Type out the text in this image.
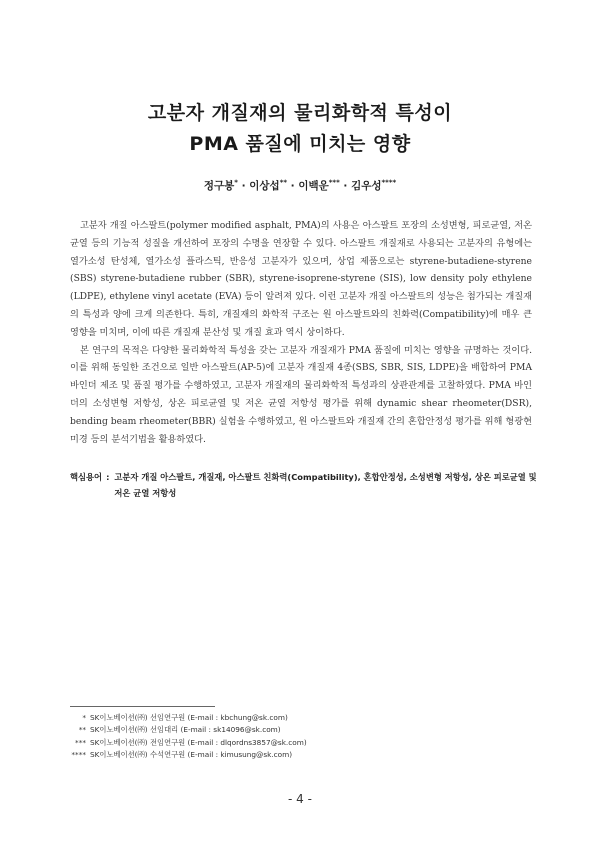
고분자 개질재의 물리화학적 특성이
PMA 품질에 미치는 영향
정구봉* · 이상섭** · 이백운*** · 김우성****

고분자 개질 아스팔트(polymer modified asphalt, PMA)의 사용은 아스팔트 포장의 소성변형, 피로균열, 저온균열 등의 기능적 성질을 개선하여 포장의 수명을 연장할 수 있다. 아스팔트 개질재로 사용되는 고분자의 유형에는 열가소성 탄성체, 열가소성 플라스틱, 반응성 고분자가 있으며, 상업 제품으로는 styrene-butadiene-styrene (SBS) styrene-butadiene rubber (SBR), styrene-isoprene-styrene (SIS), low density poly ethylene (LDPE), ethylene vinyl acetate (EVA) 등이 알려져 있다. 이런 고분자 개질 아스팔트의 성능은 첨가되는 개질재의 특성과 양에 크게 의존한다. 특히, 개질재의 화학적 구조는 원 아스팔트와의 친화력(Compatibility)에 매우 큰 영향을 미치며, 이에 따른 개질재 분산성 및 개질 효과 역시 상이하다.

본 연구의 목적은 다양한 물리화학적 특성을 갖는 고분자 개질재가 PMA 품질에 미치는 영향을 규명하는 것이다. 이를 위해 동일한 조건으로 일반 아스팔트(AP-5)에 고분자 개질재 4종(SBS, SBR, SIS, LDPE)을 배합하여 PMA 바인더 제조 및 품질 평가를 수행하였고, 고분자 개질재의 물리화학적 특성과의 상관관계를 고찰하였다. PMA 바인더의 소성변형 저항성, 상온 피로균열 및 저온 균열 저항성 평가를 위해 dynamic shear rheometer(DSR), bending beam rheometer(BBR) 실험을 수행하였고, 원 아스팔트와 개질재 간의 혼합안정성 평가를 위해 형광현미경 등의 분석기법을 활용하였다.

핵심용어 : 고분자 개질 아스팔트, 개질재, 아스팔트 친화력(Compatibility), 혼합안정성, 소성변형 저항성, 상온 피로균열 및 저온 균열 저항성
* SK이노베이션(㈜) 선임연구원 (E-mail : kbchung@sk.com)
** SK이노베이션(㈜) 선임대리 (E-mail : sk14096@sk.com)
*** SK이노베이션(㈜) 전임연구원 (E-mail : dlqordns3857@sk.com)
**** SK이노베이션(㈜) 수석연구원 (E-mail : kimusung@sk.com)
- 4 -
